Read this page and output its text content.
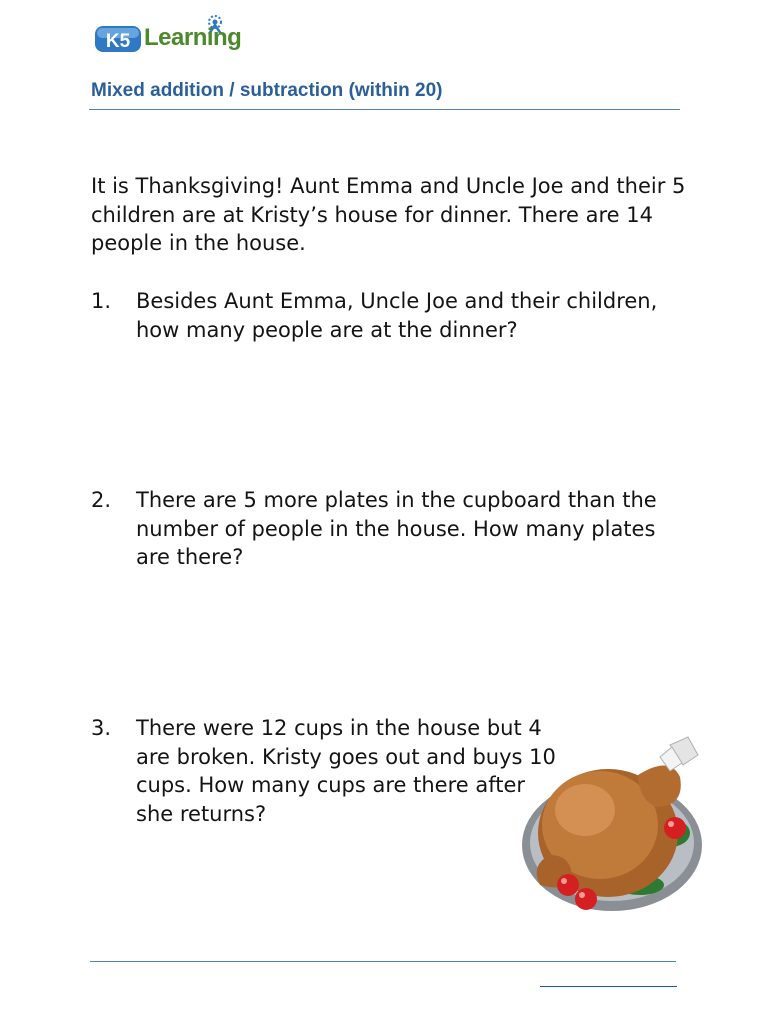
K5 Learning
Mixed addition / subtraction (within 20)
It is Thanksgiving! Aunt Emma and Uncle Joe and their 5 children are at Kristy’s house for dinner. There are 14 people in the house.
1. Besides Aunt Emma, Uncle Joe and their children, how many people are at the dinner?
2. There are 5 more plates in the cupboard than the number of people in the house. How many plates are there?
3. There were 12 cups in the house but 4 are broken. Kristy goes out and buys 10 cups. How many cups are there after she returns?
